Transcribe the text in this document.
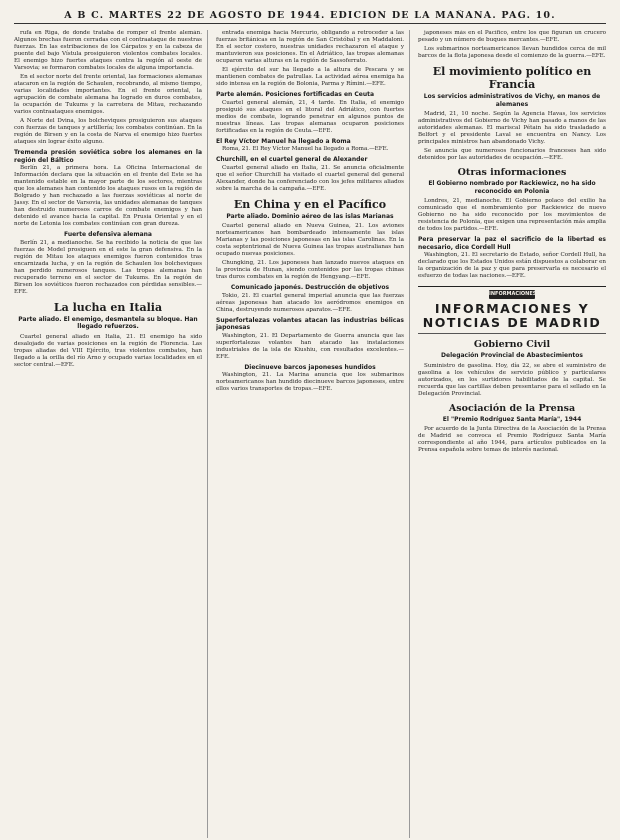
A B C. MARTES 22 DE AGOSTO DE 1944. EDICION DE LA MAÑANA. PAG. 10.

rufa en Riga, de donde trataba de romper el frente alemán. Algunos brechas fueron cerradas con el contraataque de nuestras fuerzas. En las estribaciones de los Cárpatos y en la cabeza de puente del bajo Vístula prosiguieron violentos combates locales. El enemigo hizo fuertes ataques contra la región al oeste de Varsovia; se formaron combates locales de alguna importancia.

En el sector norte del frente oriental, las formaciones alemanas atacaron en la región de Schaulen, recobrando, al mismo tiempo, varias localidades importantes. En el frente oriental, la agrupación de combate alemana ha logrado en duros combates, la ocupación de Tukums y la carretera de Mitau, rechazando varios contraataques enemigos.

A Norte del Dvina, los bolcheviques prosiguieron sus ataques con fuerzas de tanques y artillería; los combates continúan. En la región de Birsen y en la costa de Narva el enemigo hizo fuertes ataques sin lograr éxito alguno.

Tremenda presión soviética sobre los alemanes en la región del Báltico

Berlín 21, a primera hora. La Oficina Internacional de Información declara que la situación en el frente del Este se ha mantenido estable en la mayor parte de los sectores, mientras que los alemanes han contenido los ataques rusos en la región de Bolgrado y han rechazado a las fuerzas soviéticas al norte de Jassy. En el sector de Varsovia, las unidades alemanas de tanques han destruido numerosos carros de combate enemigos y han detenido el avance hacia la capital. En Prusia Oriental y en el norte de Letonia los combates continúan con gran dureza.

Fuerte defensiva alemana

Berlín 21, a medianoche. Se ha recibido la noticia de que las fuerzas de Model prosiguen en el este la gran defensiva. En la región de Mitau los ataques enemigos fueron contenidos tras encarnizada lucha, y en la región de Schaulen los bolcheviques han perdido numerosos tanques. Las tropas alemanas han recuperado terreno en el sector de Tukums. En la región de Birsen los soviéticos fueron rechazados con pérdidas sensibles.—EFE.

La lucha en Italia
Parte aliado. El enemigo, desmantela su bloque. Han llegado refuerzos.

Cuartel general aliado en Italia, 21. El enemigo ha sido desalojado de varias posiciones en la región de Florencia. Las tropas aliadas del VIII Ejército, tras violentos combates, han llegado a la orilla del río Arno y ocupado varias localidades en el sector central.—EFE.

entrada enemiga hacia Mercurio, obligando a retroceder a las fuerzas británicas en la región de San Cristóbal y en Maddaloni. En el sector costero, nuestras unidades rechazaron el ataque y mantuvieron sus posiciones. En el Adriático, las tropas alemanas ocuparon varias alturas en la región de Sassoferrato.

El ejército del sur ha llegado a la altura de Pescara y se mantienen combates de patrullas. La actividad aérea enemiga ha sido intensa en la región de Bolonia, Parma y Rímini.—EFE.

Parte alemán. Posiciones fortificadas en Ceuta

Cuartel general alemán, 21, 4 tarde. En Italia, el enemigo prosiguió sus ataques en el litoral del Adriático, con fuertes medios de combate, logrando penetrar en algunos puntos de nuestras líneas. Las tropas alemanas ocuparon posiciones fortificadas en la región de Ceuta.—EFE.

El Rey Víctor Manuel ha llegado a Roma

Roma, 21. El Rey Víctor Manuel ha llegado a Roma.—EFE.

Churchill, en el cuartel general de Alexander

Cuartel general aliado en Italia, 21. Se anuncia oficialmente que el señor Churchill ha visitado el cuartel general del general Alexander, donde ha conferenciado con los jefes militares aliados sobre la marcha de la campaña.—EFE.

En China y en el Pacífico
Parte aliado. Dominio aéreo de las islas Marianas

Cuartel general aliado en Nueva Guinea, 21. Los aviones norteamericanos han bombardeado intensamente las islas Marianas y las posiciones japonesas en las islas Carolinas. En la costa septentrional de Nueva Guinea las tropas australianas han ocupado nuevas posiciones.

Chungking, 21. Los japoneses han lanzado nuevos ataques en la provincia de Hunan, siendo contenidos por las tropas chinas tras duros combates en la región de Hengyang.—EFE.

Comunicado japonés. Destrucción de objetivos

Tokio, 21. El cuartel general imperial anuncia que las fuerzas aéreas japonesas han atacado los aeródromos enemigos en China, destruyendo numerosos aparatos.—EFE.

Superfortalezas volantes atacan las industrias bélicas japonesas

Washington, 21. El Departamento de Guerra anuncia que las superfortalezas volantes han atacado las instalaciones industriales de la isla de Kiushiu, con resultados excelentes.—EFE.

Diecinueve barcos japoneses hundidos

Washington, 21. La Marina anuncia que los submarinos norteamericanos han hundido diecinueve barcos japoneses, entre ellos varios transportes de tropas.—EFE.

japoneses más en el Pacífico, entre los que figuran un crucero pesado y un número de buques mercantes.—EFE.

Los submarinos norteamericanos llevan hundidos cerca de mil barcos de la flota japonesa desde el comienzo de la guerra.—EFE.

El movimiento político en Francia
Los servicios administrativos de Vichy, en manos de alemanes

Madrid, 21, 10 noche. Según la Agencia Havas, los servicios administrativos del Gobierno de Vichy han pasado a manos de las autoridades alemanas. El mariscal Pétain ha sido trasladado a Belfort y el presidente Laval se encuentra en Nancy. Los principales ministros han abandonado Vichy.

Se anuncia que numerosos funcionarios franceses han sido detenidos por las autoridades de ocupación.—EFE.

Otras informaciones
El Gobierno nombrado por Rackiewicz, no ha sido reconocido en Polonia

Londres, 21, medianoche. El Gobierno polaco del exilio ha comunicado que el nombramiento por Rackiewicz de nuevo Gobierno no ha sido reconocido por los movimientos de resistencia de Polonia, que exigen una representación más amplia de todos los partidos.—EFE.

Pera preservar la paz el sacrificio de la libertad es necesario, dice Cordell Hull

Washington, 21. El secretario de Estado, señor Cordell Hull, ha declarado que los Estados Unidos están dispuestos a colaborar en la organización de la paz y que para preservarla es necesario el esfuerzo de todas las naciones.—EFE.

INFORMACIONES
INFORMACIONES Y NOTICIAS DE MADRID
Gobierno Civil
Delegación Provincial de Abastecimientos

Suministro de gasolina. Hoy, día 22, se abre el suministro de gasolina a los vehículos de servicio público y particulares autorizados, en los surtidores habilitados de la capital. Se recuerda que las cartillas deben presentarse para el sellado en la Delegación Provincial.

Asociación de la Prensa
El "Premio Rodríguez Santa María", 1944

Por acuerdo de la Junta Directiva de la Asociación de la Prensa de Madrid se convoca el Premio Rodríguez Santa María correspondiente al año 1944, para artículos publicados en la Prensa española sobre temas de interés nacional.
